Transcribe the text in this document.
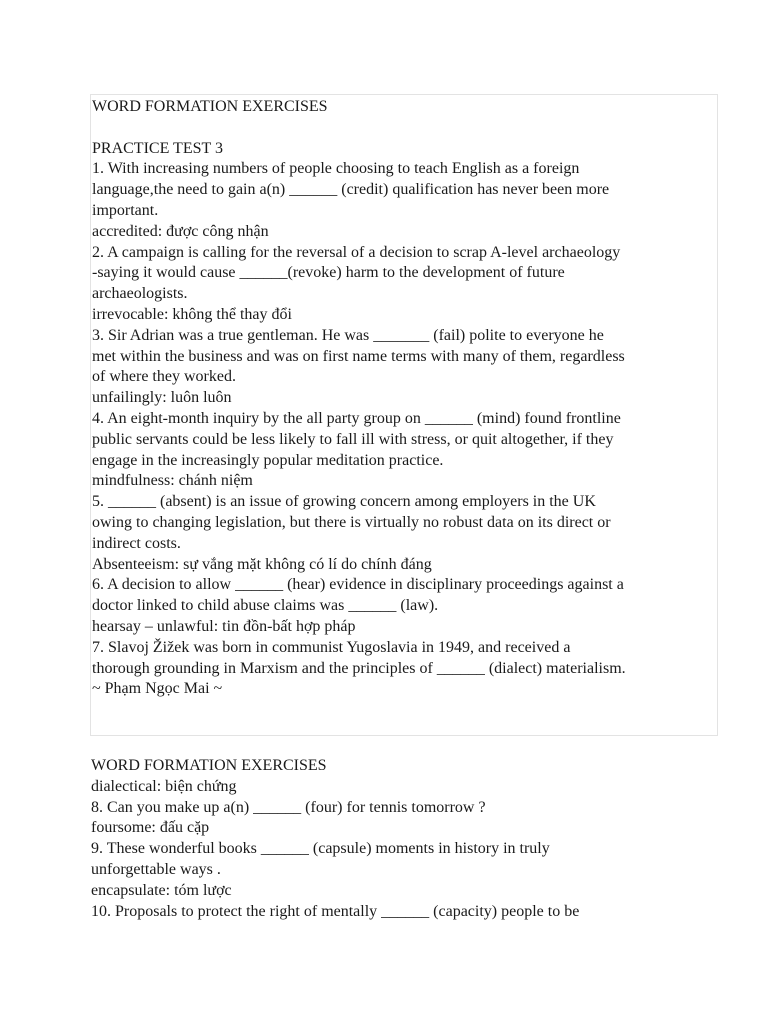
WORD FORMATION EXERCISES
PRACTICE TEST 3
1. With increasing numbers of people choosing to teach English as a foreign
language,the need to gain a(n) ______ (credit) qualification has never been more
important.
accredited: được công nhận
2. A campaign is calling for the reversal of a decision to scrap A-level archaeology
-saying it would cause ______(revoke) harm to the development of future
archaeologists.
irrevocable: không thể thay đổi
3. Sir Adrian was a true gentleman. He was _______ (fail) polite to everyone he
met within the business and was on first name terms with many of them, regardless
of where they worked.
unfailingly: luôn luôn
4. An eight-month inquiry by the all party group on ______ (mind) found frontline
public servants could be less likely to fall ill with stress, or quit altogether, if they
engage in the increasingly popular meditation practice.
mindfulness: chánh niệm
5. ______ (absent) is an issue of growing concern among employers in the UK
owing to changing legislation, but there is virtually no robust data on its direct or
indirect costs.
Absenteeism: sự vắng mặt không có lí do chính đáng
6. A decision to allow ______ (hear) evidence in disciplinary proceedings against a
doctor linked to child abuse claims was ______ (law).
hearsay – unlawful: tin đồn-bất hợp pháp
7. Slavoj Žižek was born in communist Yugoslavia in 1949, and received a
thorough grounding in Marxism and the principles of ______ (dialect) materialism.
~ Phạm Ngọc Mai ~
WORD FORMATION EXERCISES
dialectical: biện chứng
8. Can you make up a(n) ______ (four) for tennis tomorrow ?
foursome: đấu cặp
9. These wonderful books ______ (capsule) moments in history in truly
unforgettable ways .
encapsulate: tóm lược
10. Proposals to protect the right of mentally ______ (capacity) people to be
